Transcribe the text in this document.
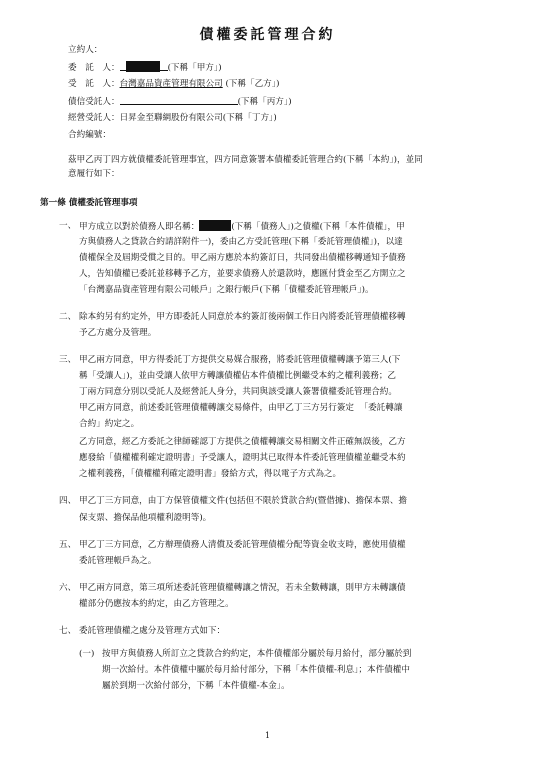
債權委託管理合約
立約人：
委　託　人：	(下稱「甲方」)
受　託　人：台灣嘉品資產管理有限公司 (下稱「乙方」)
債信受託人：	(下稱「丙方」)
經營受託人：日昇金至聯網股份有限公司(下稱「丁方」)
合約編號：
茲甲乙丙丁四方就債權委託管理事宜，四方同意簽署本債權委託管理合約(下稱「本約」)，並同
意履行如下：
第一條 債權委託管理事項
一、 甲方成立以對於債務人即名稱：	(下稱「債務人」)之債權(下稱「本件債權」，甲
方與債務人之貸款合約請詳附件一)，委由乙方受託管理(下稱「委託管理債權」)，以達
債權保全及屆期受償之目的。甲乙兩方應於本約簽訂日，共同發出債權移轉通知予債務
人，告知債權已委託並移轉予乙方，並要求債務人於還款時，應匯付貸金至乙方開立之
「台灣嘉品資產管理有限公司帳戶」之銀行帳戶(下稱「債權委託管理帳戶」)。
二、 除本約另有約定外，甲方即委託人同意於本約簽訂後兩個工作日內將委託管理債權移轉
予乙方處分及管理。
三、 甲乙兩方同意，甲方得委託丁方提供交易媒合服務，將委託管理債權轉讓予第三人(下
稱「受讓人」)，並由受讓人依甲方轉讓債權佔本件債權比例繼受本約之權利義務；乙
丁兩方同意分別以受託人及經營託人身分，共同與該受讓人簽署債權委託管理合約。
甲乙兩方同意，前述委託管理債權轉讓交易條件，由甲乙丁三方另行簽定 「委託轉讓
合約」約定之。
乙方同意，經乙方委託之律師確認丁方提供之債權轉讓交易相關文件正確無誤後，乙方
應發給「債權權利確定證明書」予受讓人，證明其已取得本件委託管理債權並繼受本約
之權利義務，「債權權利確定證明書」發給方式，得以電子方式為之。
四、 甲乙丁三方同意，由丁方保管債權文件(包括但不限於貸款合約(暨借據)、擔保本票、擔
保支票、擔保品他項權利證明等)。
五、 甲乙丁三方同意，乙方辦理債務人清償及委託管理債權分配等資金收支時，應使用債權
委託管理帳戶為之。
六、 甲乙兩方同意，第三項所述委託管理債權轉讓之情況，若未全數轉讓，則甲方未轉讓債
權部分仍應按本約約定，由乙方管理之。
七、 委託管理債權之處分及管理方式如下：
(一) 按甲方與債務人所訂立之貸款合約約定，本件債權部分屬於每月給付，部分屬於到
期一次給付。本件債權中屬於每月給付部分，下稱「本件債權-利息」；本件債權中
屬於到期一次給付部分，下稱「本件債權-本金」。
1
